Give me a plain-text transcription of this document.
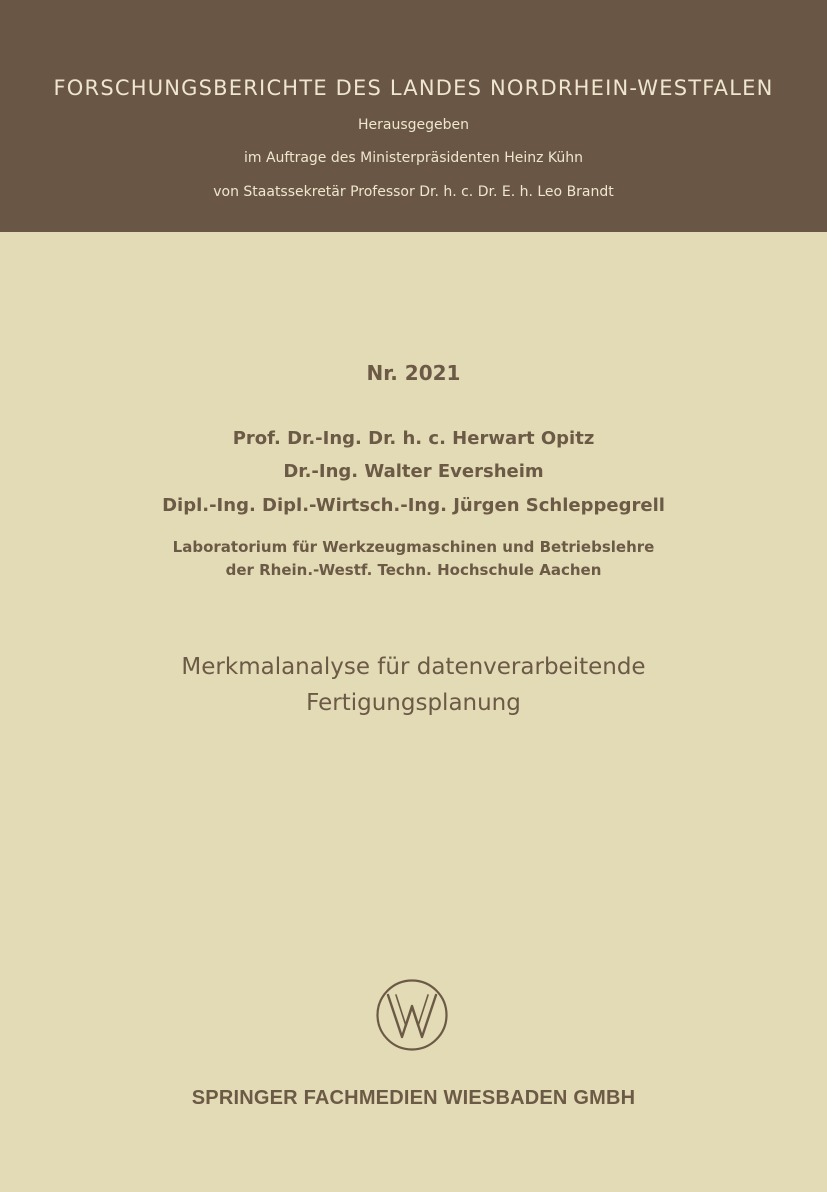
FORSCHUNGSBERICHTE DES LANDES NORDRHEIN-WESTFALEN
Herausgegeben
im Auftrage des Ministerpräsidenten Heinz Kühn
von Staatssekretär Professor Dr. h. c. Dr. E. h. Leo Brandt
Nr. 2021
Prof. Dr.-Ing. Dr. h. c. Herwart Opitz
Dr.-Ing. Walter Eversheim
Dipl.-Ing. Dipl.-Wirtsch.-Ing. Jürgen Schleppegrell
Laboratorium für Werkzeugmaschinen und Betriebslehre
der Rhein.-Westf. Techn. Hochschule Aachen
Merkmalanalyse für datenverarbeitende
Fertigungsplanung
SPRINGER FACHMEDIEN WIESBADEN GMBH
